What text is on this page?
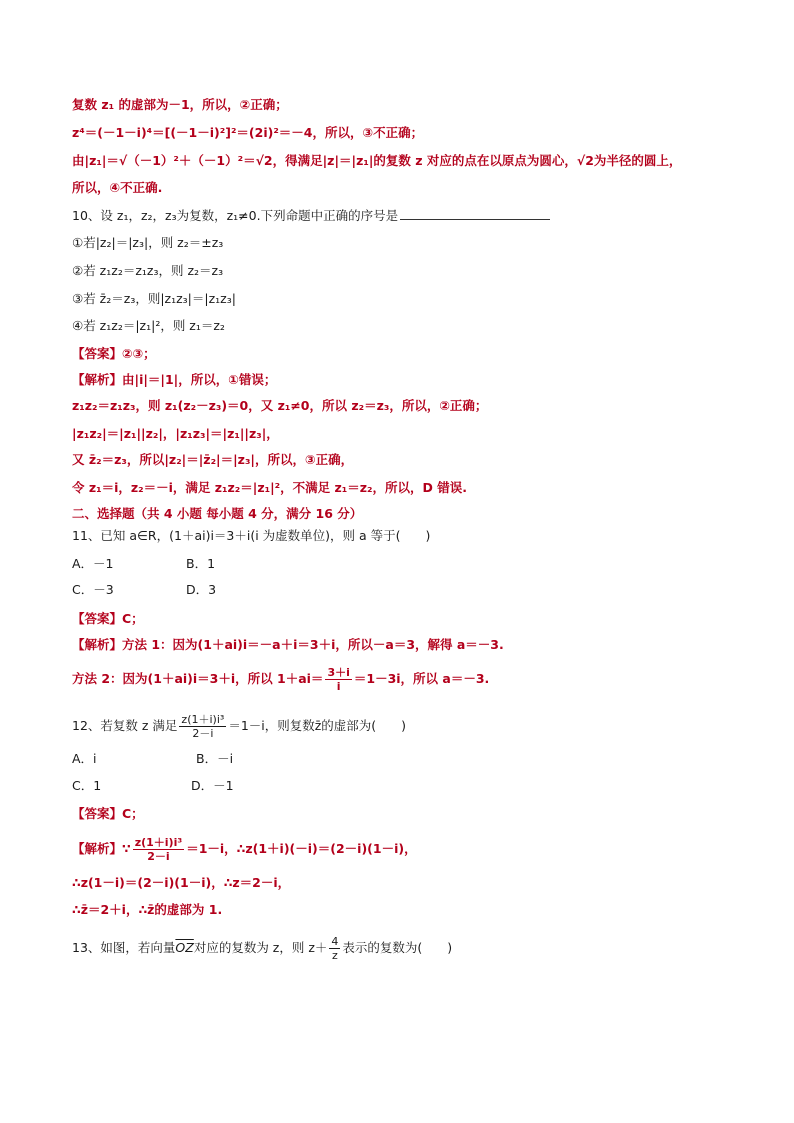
复数 z₁ 的虚部为－1，所以，②正确；
z⁴＝(－1－i)⁴＝[(－1－i)²]²＝(2i)²＝－4，所以，③不正确；
由|z₁|＝√（－1）²＋（－1）²＝√2，得满足|z|＝|z₁|的复数 z 对应的点在以原点为圆心，√2为半径的圆上，
所以，④不正确.
10、设 z₁，z₂，z₃为复数，z₁≠0.下列命题中正确的序号是
①若|z₂|＝|z₃|，则 z₂＝±z₃
②若 z₁z₂＝z₁z₃，则 z₂＝z₃
③若 z̄₂＝z₃，则|z₁z₃|＝|z₁z₃|
④若 z₁z₂＝|z₁|²，则 z₁＝z₂
【答案】②③；
【解析】由|i|＝|1|，所以，①错误；
z₁z₂＝z₁z₃，则 z₁(z₂－z₃)＝0，又 z₁≠0，所以 z₂＝z₃，所以，②正确；
|z₁z₂|＝|z₁||z₂|，|z₁z₃|＝|z₁||z₃|，
又 z̄₂＝z₃，所以|z₂|＝|z̄₂|＝|z₃|，所以，③正确，
令 z₁＝i，z₂＝－i，满足 z₁z₂＝|z₁|²，不满足 z₁＝z₂，所以，D 错误.
二、选择题（共 4 小题 每小题 4 分，满分 16 分）
11、已知 a∈R，(1＋ai)i＝3＋i(i 为虚数单位)，则 a 等于(　　)
A．－1	B．1
C．－3	D．3
【答案】C；
【解析】方法 1：因为(1＋ai)i＝－a＋i＝3＋i，所以－a＝3，解得 a＝－3.
方法 2：因为(1＋ai)i＝3＋i，所以 $1+ai= \frac{3+i}{i} =1-3i$，所以 a＝－3.
12、若复数 z 满足 $\frac{\text{z(1＋i)i³}}{2-i} =1-i$，则复数z̄的虚部为(　　)
A．i	B．－i
C．1	D．－1
【答案】C；
【解析】∵ $\frac{\text{z(1＋i)i³}}{2-i} =1-i$，∴z(1＋i)(－i)＝(2－i)(1－i)，
∴z(1－i)＝(2－i)(1－i)，∴z＝2－i，
∴z̄＝2＋i，∴z̄的虚部为 1.
13、如图，若向量$\overline{OZ}$对应的复数为 z，则 $z+ \frac{4}{z}$ 表示的复数为(　　)
